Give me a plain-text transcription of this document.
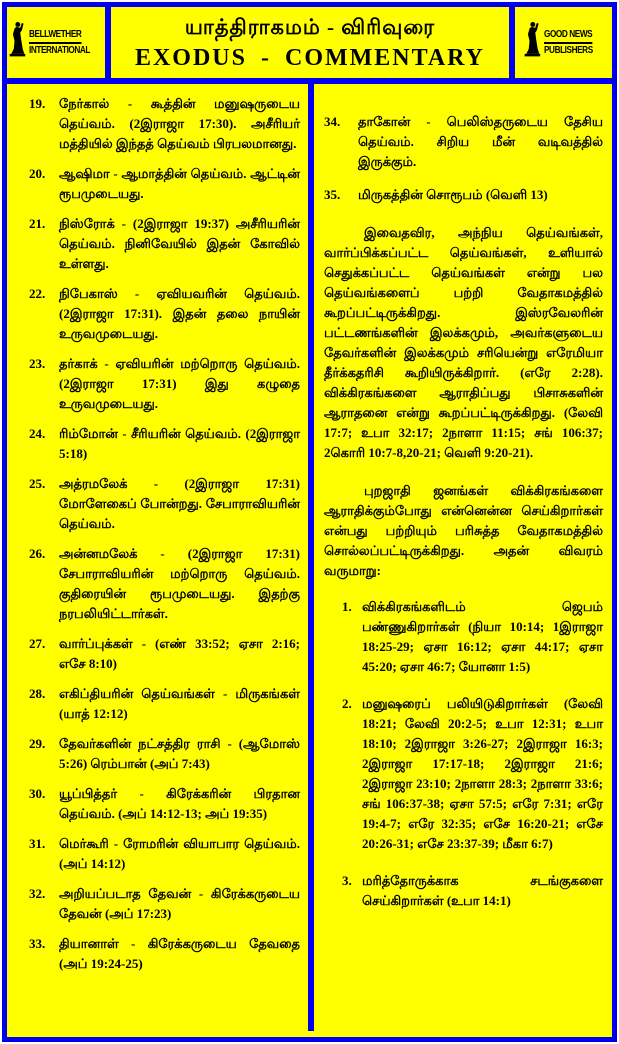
BELLWETHER
INTERNATIONAL
யாத்திராகமம் - விரிவுரை
EXODUS - COMMENTARY
GOOD NEWS
PUBLISHERS
19. நேர்கால் - கூத்தின் மனுஷருடைய தெய்வம். (2இராஜா 17:30). அசீரியர் மத்தியில் இந்தத் தெய்வம் பிரபலமானது.
20. ஆஷிமா - ஆமாத்தின் தெய்வம். ஆட்டின் ரூபமுடையது.
21. நிஸ்ரோக் - (2இராஜா 19:37) அசீரியரின் தெய்வம். நினிவேயில் இதன் கோவில் உள்ளது.
22. நிபேகாஸ் - ஏவியவரின் தெய்வம். (2இராஜா 17:31). இதன் தலை நாயின் உருவமுடையது.
23. தர்காக் - ஏவியரின் மற்றொரு தெய்வம். (2இராஜா 17:31) இது கழுதை உருவமுடையது.
24. ரிம்மோன் - சீரியரின் தெய்வம். (2இராஜா 5:18)
25. அத்ரமலேக் - (2இராஜா 17:31) மோளேகைப் போன்றது. சேபாராவியரின் தெய்வம்.
26. அன்னமலேக் - (2இராஜா 17:31) சேபாராவியரின் மற்றொரு தெய்வம். குதிரையின் ரூபமுடையது. இதற்கு நரபலியிட்டார்கள்.
27. வார்ப்புக்கள் - (எண் 33:52; ஏசா 2:16; எசே 8:10)
28. எகிப்தியரின் தெய்வங்கள் - மிருகங்கள் (யாத் 12:12)
29. தேவர்களின் நட்சத்திர ராசி - (ஆமோஸ் 5:26) ரெம்பான் (அப் 7:43)
30. யூப்பித்தர் - கிரேக்கரின் பிரதான தெய்வம். (அப் 14:12-13; அப் 19:35)
31. மெர்கூரி - ரோமரின் வியாபார தெய்வம். (அப் 14:12)
32. அறியப்படாத தேவன் - கிரேக்கருடைய தேவன் (அப் 17:23)
33. தியானாள் - கிரேக்கருடைய தேவதை (அப் 19:24-25)
34. தாகோன் - பெலிஸ்தருடைய தேசிய தெய்வம். சிறிய மீன் வடிவத்தில் இருக்கும்.
35. மிருகத்தின் சொரூபம் (வெளி 13)

இவைதவிர, அந்நிய தெய்வங்கள், வார்ப்பிக்கப்பட்ட தெய்வங்கள், உளியால் செதுக்கப்பட்ட தெய்வங்கள் என்று பல தெய்வங்களைப் பற்றி வேதாகமத்தில் கூறப்பட்டிருக்கிறது. இஸ்ரவேலரின் பட்டணங்களின் இலக்கமும், அவர்களுடைய தேவர்களின் இலக்கமும் சரியென்று எரேமியா தீர்க்கதரிசி கூறியிருக்கிறார். (எரே 2:28). விக்கிரகங்களை ஆராதிப்பது பிசாசுகளின் ஆராதனை என்று கூறப்பட்டிருக்கிறது. (லேவி 17:7; உபா 32:17; 2நாளா 11:15; சங் 106:37; 2கொரி 10:7-8,20-21; வெளி 9:20-21).

புறஜாதி ஜனங்கள் விக்கிரகங்களை ஆராதிக்கும்போது என்னென்ன செய்கிறார்கள் என்பது பற்றியும் பரிசுத்த வேதாகமத்தில் சொல்லப்பட்டிருக்கிறது. அதன் விவரம் வருமாறு:

1. விக்கிரகங்களிடம் ஜெபம் பண்ணுகிறார்கள் (நியா 10:14; 1இராஜா 18:25-29; ஏசா 16:12; ஏசா 44:17; ஏசா 45:20; ஏசா 46:7; யோனா 1:5)
2. மனுஷரைப் பலியிடுகிறார்கள் (லேவி 18:21; லேவி 20:2-5; உபா 12:31; உபா 18:10; 2இராஜா 3:26-27; 2இராஜா 16:3; 2இராஜா 17:17-18; 2இராஜா 21:6; 2இராஜா 23:10; 2நாளா 28:3; 2நாளா 33:6; சங் 106:37-38; ஏசா 57:5; எரே 7:31; எரே 19:4-7; எரே 32:35; எசே 16:20-21; எசே 20:26-31; எசே 23:37-39; மீகா 6:7)
3. மரித்தோருக்காக சடங்குகளை செய்கிறார்கள் (உபா 14:1)
